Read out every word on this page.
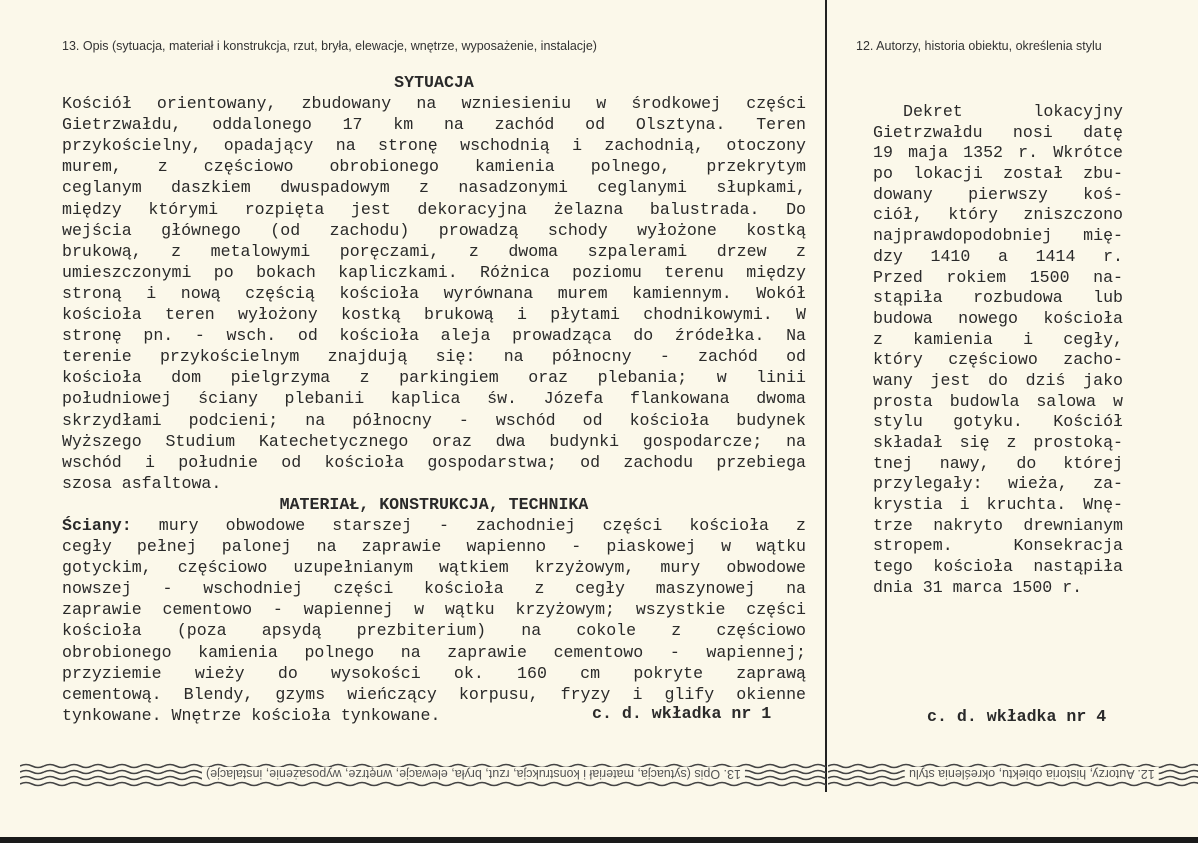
13. Opis (sytuacja, materiał i konstrukcja, rzut, bryła, elewacje, wnętrze, wyposażenie, instalacje)	12. Autorzy, historia obiektu, określenia stylu
SYTUACJA
Kościół orientowany, zbudowany na wzniesieniu w środkowej części
Gietrzwałdu, oddalonego 17 km na zachód od Olsztyna. Teren
przykościelny, opadający na stronę wschodnią i zachodnią, otoczony
murem, z częściowo obrobionego kamienia polnego, przekrytym
ceglanym daszkiem dwuspadowym z nasadzonymi ceglanymi słupkami,
między którymi rozpięta jest dekoracyjna żelazna balustrada. Do
wejścia głównego (od zachodu) prowadzą schody wyłożone kostką
brukową, z metalowymi poręczami, z dwoma szpalerami drzew z
umieszczonymi po bokach kapliczkami. Różnica poziomu terenu między
stroną i nową częścią kościoła wyrównana murem kamiennym. Wokół
kościoła teren wyłożony kostką brukową i płytami chodnikowymi. W
stronę pn. - wsch. od kościoła aleja prowadząca do źródełka. Na
terenie przykościelnym znajdują się: na północny - zachód od
kościoła dom pielgrzyma z parkingiem oraz plebania; w linii
południowej ściany plebanii kaplica św. Józefa flankowana dwoma
skrzydłami podcieni; na północny - wschód od kościoła budynek
Wyższego Studium Katechetycznego oraz dwa budynki gospodarcze; na
wschód i południe od kościoła gospodarstwa; od zachodu przebiega
szosa asfaltowa.
MATERIAŁ, KONSTRUKCJA, TECHNIKA
Ściany: mury obwodowe starszej - zachodniej części kościoła z
cegły pełnej palonej na zaprawie wapienno - piaskowej w wątku
gotyckim, częściowo uzupełnianym wątkiem krzyżowym, mury obwodowe
nowszej - wschodniej części kościoła z cegły maszynowej na
zaprawie cementowo - wapiennej w wątku krzyżowym; wszystkie części
kościoła (poza apsydą prezbiterium) na cokole z częściowo
obrobionego kamienia polnego na zaprawie cementowo - wapiennej;
przyziemie wieży do wysokości ok. 160 cm pokryte zaprawą
cementową. Blendy, gzyms wieńczący korpusu, fryzy i glify okienne
tynkowane. Wnętrze kościoła tynkowane.	c. d. wkładka nr 1
Dekret lokacyjny
Gietrzwałdu nosi datę
19 maja 1352 r. Wkrótce
po lokacji został zbu-
dowany pierwszy koś-
ciół, który zniszczono
najprawdopodobniej mię-
dzy 1410 a 1414 r.
Przed rokiem 1500 na-
stąpiła rozbudowa lub
budowa nowego kościoła
z kamienia i cegły,
który częściowo zacho-
wany jest do dziś jako
prosta budowla salowa w
stylu gotyku. Kościół
składał się z prostoką-
tnej nawy, do której
przylegały: wieża, za-
krystia i kruchta. Wnę-
trze nakryto drewnianym
stropem. Konsekracja
tego kościoła nastąpiła
dnia 31 marca 1500 r.
c. d. wkładka nr 4
13. Opis (sytuacja, materiał i konstrukcja, rzut, bryła, elewacje, wnętrze, wyposażenie, instalacje)	12. Autorzy, historia obiektu, określenia stylu
